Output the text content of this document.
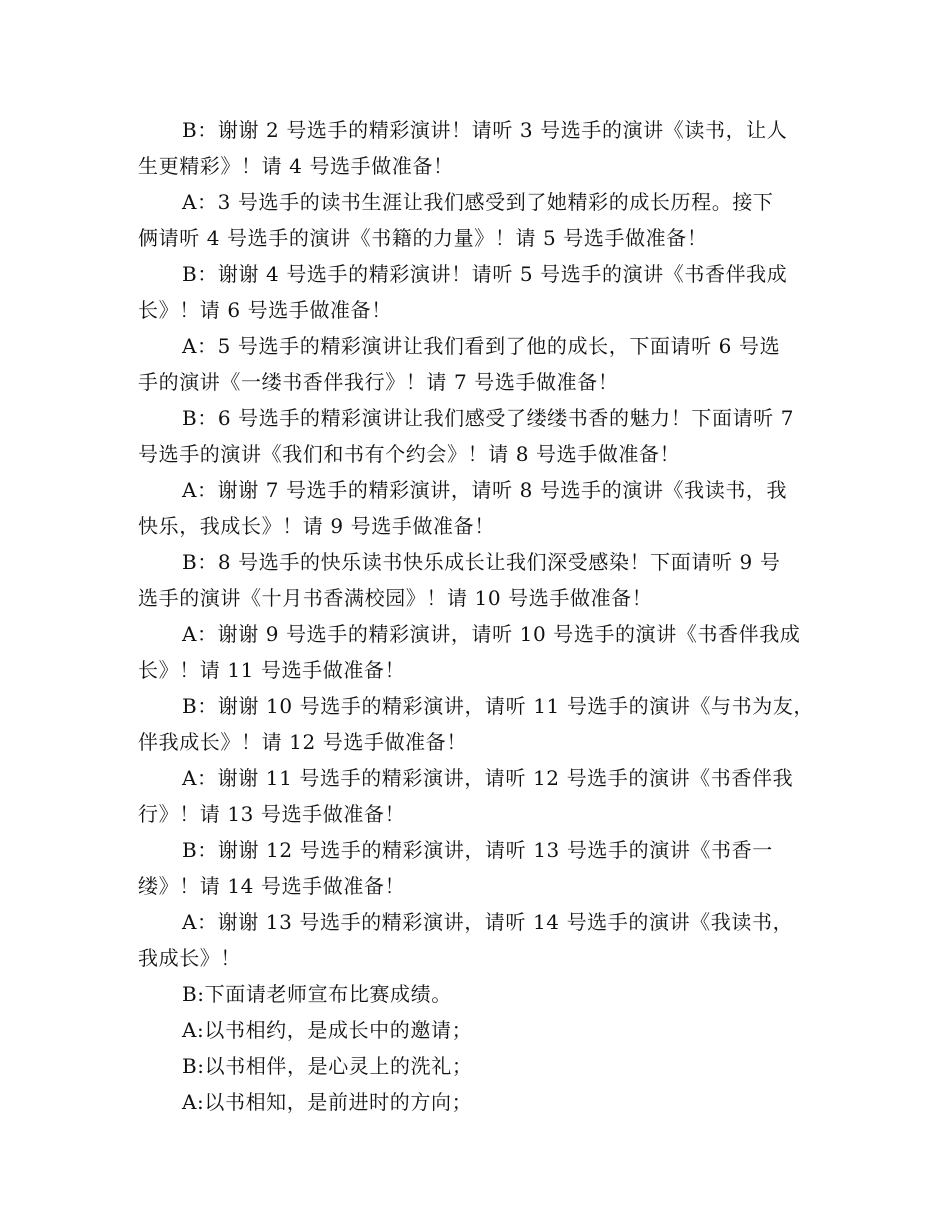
B：谢谢 2 号选手的精彩演讲！请听 3 号选手的演讲《读书，让人
生更精彩》！请 4 号选手做准备！
A：3 号选手的读书生涯让我们感受到了她精彩的成长历程。接下
俩请听 4 号选手的演讲《书籍的力量》！请 5 号选手做准备！
B：谢谢 4 号选手的精彩演讲！请听 5 号选手的演讲《书香伴我成
长》！请 6 号选手做准备！
A：5 号选手的精彩演讲让我们看到了他的成长，下面请听 6 号选
手的演讲《一缕书香伴我行》！请 7 号选手做准备！
B：6 号选手的精彩演讲让我们感受了缕缕书香的魅力！下面请听 7
号选手的演讲《我们和书有个约会》！请 8 号选手做准备！
A：谢谢 7 号选手的精彩演讲，请听 8 号选手的演讲《我读书，我
快乐，我成长》！请 9 号选手做准备！
B：8 号选手的快乐读书快乐成长让我们深受感染！下面请听 9 号
选手的演讲《十月书香满校园》！请 10 号选手做准备！
A：谢谢 9 号选手的精彩演讲，请听 10 号选手的演讲《书香伴我成
长》！请 11 号选手做准备！
B：谢谢 10 号选手的精彩演讲，请听 11 号选手的演讲《与书为友，
伴我成长》！请 12 号选手做准备！
A：谢谢 11 号选手的精彩演讲，请听 12 号选手的演讲《书香伴我
行》！请 13 号选手做准备！
B：谢谢 12 号选手的精彩演讲，请听 13 号选手的演讲《书香一
缕》！请 14 号选手做准备！
A：谢谢 13 号选手的精彩演讲，请听 14 号选手的演讲《我读书，
我成长》！
B:下面请老师宣布比赛成绩。
A:以书相约，是成长中的邀请；
B:以书相伴，是心灵上的洗礼；
A:以书相知，是前进时的方向；
